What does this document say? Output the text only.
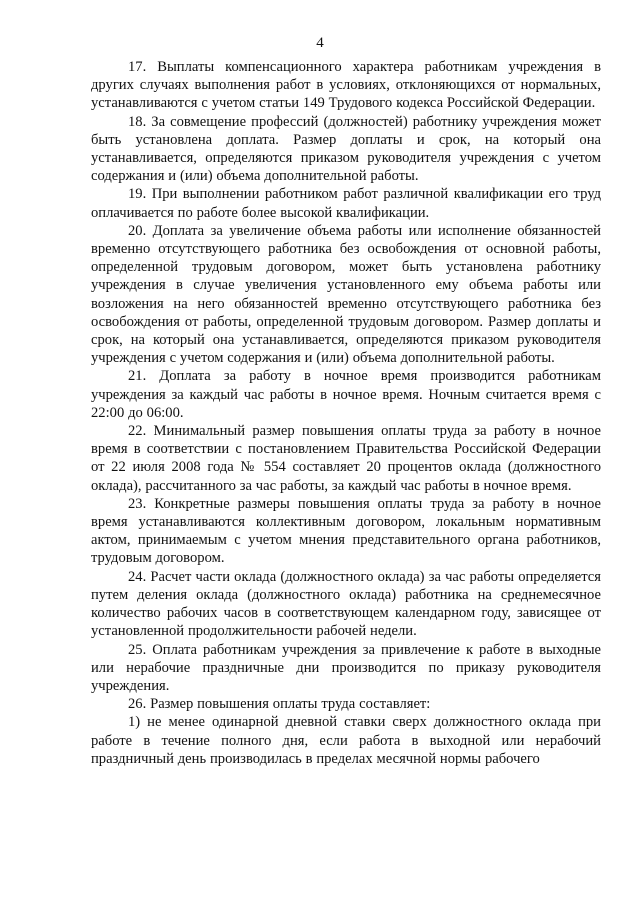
4

17. Выплаты компенсационного характера работникам учреждения в других случаях выполнения работ в условиях, отклоняющихся от нормальных, устанавливаются с учетом статьи 149 Трудового кодекса Российской Федерации.

18. За совмещение профессий (должностей) работнику учреждения может быть установлена доплата. Размер доплаты и срок, на который она устанавливается, определяются приказом руководителя учреждения с учетом содержания и (или) объема дополнительной работы.

19. При выполнении работником работ различной квалификации его труд оплачивается по работе более высокой квалификации.

20. Доплата за увеличение объема работы или исполнение обязанностей временно отсутствующего работника без освобождения от основной работы, определенной трудовым договором, может быть установлена работнику учреждения в случае увеличения установленного ему объема работы или возложения на него обязанностей временно отсутствующего работника без освобождения от работы, определенной трудовым договором. Размер доплаты и срок, на который она устанавливается, определяются приказом руководителя учреждения с учетом содержания и (или) объема дополнительной работы.

21. Доплата за работу в ночное время производится работникам учреждения за каждый час работы в ночное время. Ночным считается время с 22:00 до 06:00.

22. Минимальный размер повышения оплаты труда за работу в ночное время в соответствии с постановлением Правительства Российской Федерации от 22 июля 2008 года № 554 составляет 20 процентов оклада (должностного оклада), рассчитанного за час работы, за каждый час работы в ночное время.

23. Конкретные размеры повышения оплаты труда за работу в ночное время устанавливаются коллективным договором, локальным нормативным актом, принимаемым с учетом мнения представительного органа работников, трудовым договором.

24. Расчет части оклада (должностного оклада) за час работы определяется путем деления оклада (должностного оклада) работника на среднемесячное количество рабочих часов в соответствующем календарном году, зависящее от установленной продолжительности рабочей недели.

25. Оплата работникам учреждения за привлечение к работе в выходные или нерабочие праздничные дни производится по приказу руководителя учреждения.

26. Размер повышения оплаты труда составляет:

1) не менее одинарной дневной ставки сверх должностного оклада при работе в течение полного дня, если работа в выходной или нерабочий праздничный день производилась в пределах месячной нормы рабочего
